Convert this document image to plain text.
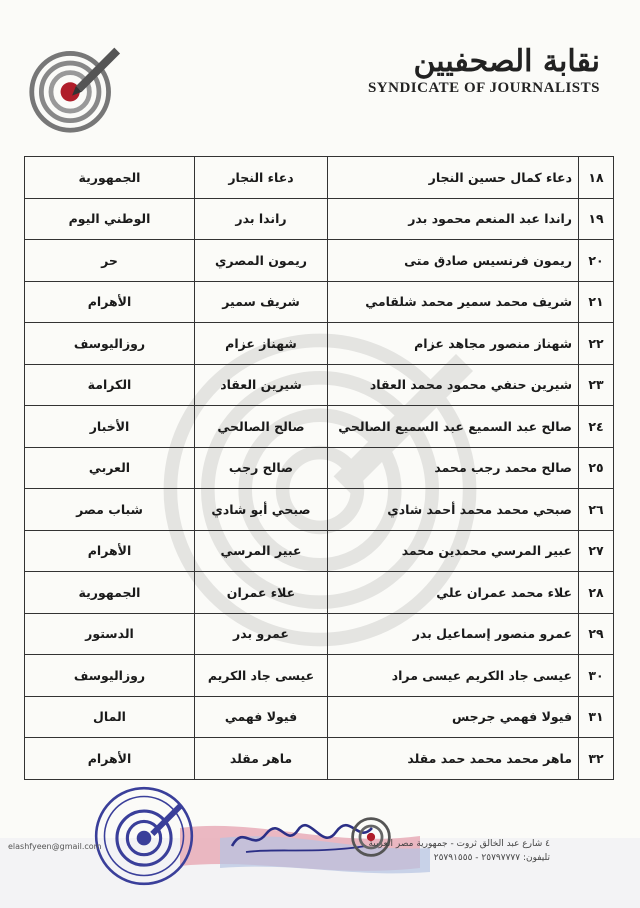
نقابة الصحفيين
SYNDICATE OF JOURNALISTS
١٨	دعاء كمال حسين النجار	دعاء النجار	الجمهورية
١٩	راندا عبد المنعم محمود بدر	راندا بدر	الوطني اليوم
٢٠	ريمون فرنسيس صادق متى	ريمون المصري	حر
٢١	شريف محمد سمير محمد شلقامي	شريف سمير	الأهرام
٢٢	شهناز منصور مجاهد عزام	شهناز عزام	روزاليوسف
٢٣	شيرين حنفي محمود محمد العقاد	شيرين العقاد	الكرامة
٢٤	صالح عبد السميع عبد السميع الصالحي	صالح الصالحي	الأخبار
٢٥	صالح محمد رجب محمد	صالح رجب	العربي
٢٦	صبحي محمد محمد أحمد شادي	صبحي أبو شادي	شباب مصر
٢٧	عبير المرسي محمدين محمد	عبير المرسي	الأهرام
٢٨	علاء محمد عمران علي	علاء عمران	الجمهورية
٢٩	عمرو منصور إسماعيل بدر	عمرو بدر	الدستور
٣٠	عيسى جاد الكريم عيسى مراد	عيسى جاد الكريم	روزاليوسف
٣١	فيولا فهمي جرجس	فيولا فهمي	المال
٣٢	ماهر محمد محمد حمد مقلد	ماهر مقلد	الأهرام
٤ شارع عبد الخالق ثروت - جمهورية مصر العربية
تليفون: ٢٥٧٩٧٧٧٧ - ٢٥٧٩١٥٥٥
elashfyeen@gmail.com
